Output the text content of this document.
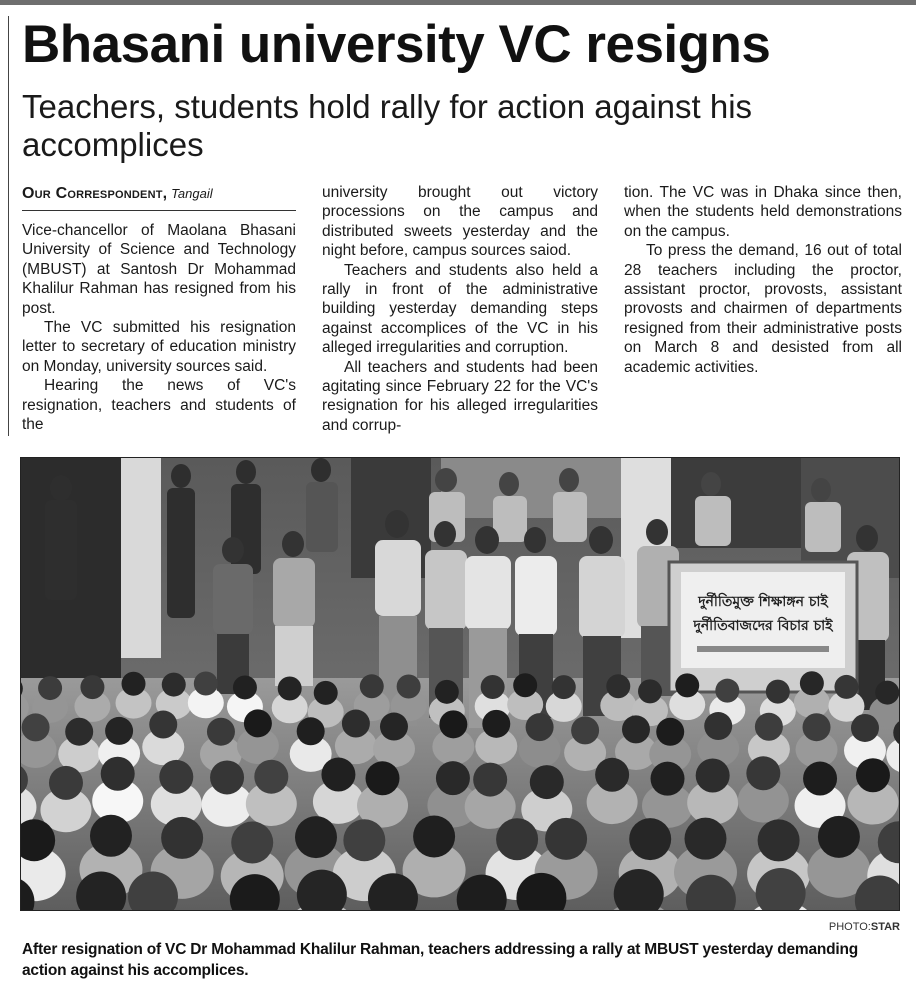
Bhasani university VC resigns
Teachers, students hold rally for action against his accomplices
Our Correspondent, Tangail

Vice-chancellor of Maolana Bhasani University of Science and Technology (MBUST) at Santosh Dr Mohammad Khalilur Rahman has resigned from his post.

The VC submitted his resignation letter to secretary of education ministry on Monday, university sources said.

Hearing the news of VC's resignation, teachers and students of the

university brought out victory processions on the campus and distributed sweets yesterday and the night before, campus sources saiod.

Teachers and students also held a rally in front of the administrative building yesterday demanding steps against accomplices of the VC in his alleged irregularities and corruption.

All teachers and students had been agitating since February 22 for the VC's resignation for his alleged irregularities and corrup-

tion. The VC was in Dhaka since then, when the students held demonstrations on the campus.

To press the demand, 16 out of total 28 teachers including the proctor, assistant proctor, provosts, assistant provosts and chairmen of departments resigned from their administrative posts on March 8 and desisted from all academic activities.

দুর্নীতিমুক্ত শিক্ষাঙ্গন চাই
দুর্নীতিবাজদের বিচার চাই
PHOTO:STAR
After resignation of VC Dr Mohammad Khalilur Rahman, teachers addressing a rally at MBUST yesterday demanding action against his accomplices.
